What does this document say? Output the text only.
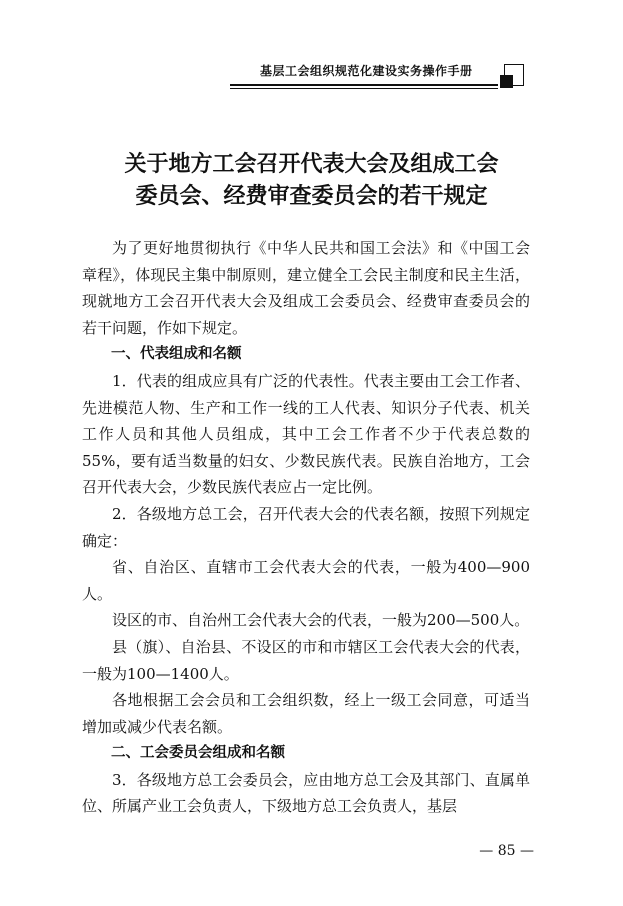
基层工会组织规范化建设实务操作手册
关于地方工会召开代表大会及组成工会
委员会、经费审查委员会的若干规定

为了更好地贯彻执行《中华人民共和国工会法》和《中国工会章程》，体现民主集中制原则，建立健全工会民主制度和民主生活，现就地方工会召开代表大会及组成工会委员会、经费审查委员会的若干问题，作如下规定。

一、代表组成和名额

1．代表的组成应具有广泛的代表性。代表主要由工会工作者、先进模范人物、生产和工作一线的工人代表、知识分子代表、机关工作人员和其他人员组成，其中工会工作者不少于代表总数的55%，要有适当数量的妇女、少数民族代表。民族自治地方，工会召开代表大会，少数民族代表应占一定比例。

2．各级地方总工会，召开代表大会的代表名额，按照下列规定确定：

省、自治区、直辖市工会代表大会的代表，一般为400—900人。

设区的市、自治州工会代表大会的代表，一般为200—500人。

县（旗）、自治县、不设区的市和市辖区工会代表大会的代表，一般为100—1400人。

各地根据工会会员和工会组织数，经上一级工会同意，可适当增加或减少代表名额。

二、工会委员会组成和名额

3．各级地方总工会委员会，应由地方总工会及其部门、直属单位、所属产业工会负责人，下级地方总工会负责人，基层

— 85 —
